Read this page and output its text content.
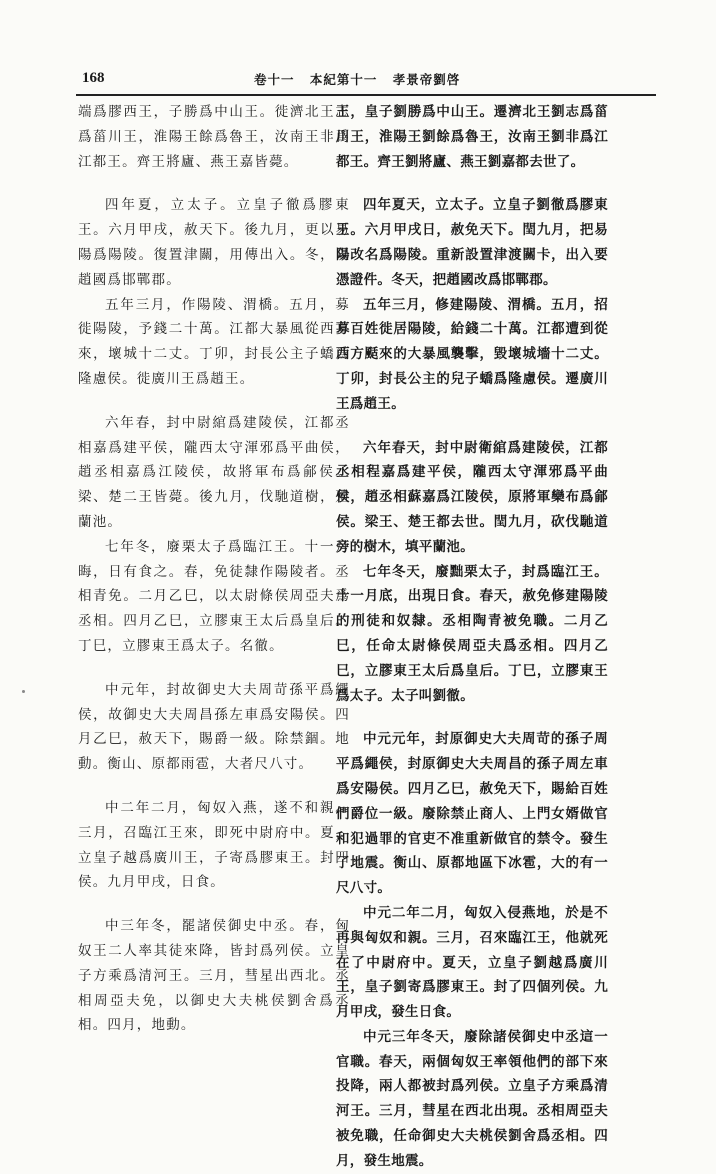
168	卷十一 本紀第十一 孝景帝劉啓

端爲膠西王，子勝爲中山王。徙濟北王志爲菑川王，淮陽王餘爲魯王，汝南王非爲江都王。齊王將廬、燕王嘉皆薨。

四年夏，立太子。立皇子徹爲膠東王。六月甲戌，赦天下。後九月，更以易陽爲陽陵。復置津關，用傳出入。冬，以趙國爲邯鄲郡。

五年三月，作陽陵、渭橋。五月，募徙陽陵，予錢二十萬。江都大暴風從西方來，壞城十二丈。丁卯，封長公主子蟜爲隆慮侯。徙廣川王爲趙王。

六年春，封中尉綰爲建陵侯，江都丞相嘉爲建平侯，隴西太守渾邪爲平曲侯，趙丞相嘉爲江陵侯，故將軍布爲鄃侯。梁、楚二王皆薨。後九月，伐馳道樹，殖蘭池。

七年冬，廢栗太子爲臨江王。十一月晦，日有食之。春，免徒隸作陽陵者。丞相青免。二月乙巳，以太尉條侯周亞夫爲丞相。四月乙巳，立膠東王太后爲皇后。丁巳，立膠東王爲太子。名徹。

中元年，封故御史大夫周苛孫平爲繩侯，故御史大夫周昌孫左車爲安陽侯。四月乙巳，赦天下，賜爵一級。除禁錮。地動。衡山、原都雨雹，大者尺八寸。

中二年二月，匈奴入燕，遂不和親。三月，召臨江王來，即死中尉府中。夏，立皇子越爲廣川王，子寄爲膠東王。封四侯。九月甲戌，日食。

中三年冬，罷諸侯御史中丞。春，匈奴王二人率其徒來降，皆封爲列侯。立皇子方乘爲清河王。三月，彗星出西北。丞相周亞夫免，以御史大夫桃侯劉舍爲丞相。四月，地動。

王，皇子劉勝爲中山王。遷濟北王劉志爲菑川王，淮陽王劉餘爲魯王，汝南王劉非爲江都王。齊王劉將廬、燕王劉嘉都去世了。

四年夏天，立太子。立皇子劉徹爲膠東王。六月甲戌日，赦免天下。閏九月，把易陽改名爲陽陵。重新設置津渡關卡，出入要憑證件。冬天，把趙國改爲邯鄲郡。

五年三月，修建陽陵、渭橋。五月，招募百姓徙居陽陵，給錢二十萬。江都遭到從西方颳來的大暴風襲擊，毀壞城墻十二丈。丁卯，封長公主的兒子蟜爲隆慮侯。遷廣川王爲趙王。

六年春天，封中尉衛綰爲建陵侯，江都丞相程嘉爲建平侯，隴西太守渾邪爲平曲侯，趙丞相蘇嘉爲江陵侯，原將軍欒布爲鄃侯。梁王、楚王都去世。閏九月，砍伐馳道旁的樹木，填平蘭池。

七年冬天，廢黜栗太子，封爲臨江王。十一月底，出現日食。春天，赦免修建陽陵的刑徒和奴隸。丞相陶青被免職。二月乙巳，任命太尉條侯周亞夫爲丞相。四月乙巳，立膠東王太后爲皇后。丁巳，立膠東王爲太子。太子叫劉徹。

中元元年，封原御史大夫周苛的孫子周平爲繩侯，封原御史大夫周昌的孫子周左車爲安陽侯。四月乙巳，赦免天下，賜給百姓們爵位一級。廢除禁止商人、上門女婿做官和犯過罪的官吏不准重新做官的禁令。發生了地震。衡山、原都地區下冰雹，大的有一尺八寸。

中元二年二月，匈奴入侵燕地，於是不再與匈奴和親。三月，召來臨江王，他就死在了中尉府中。夏天，立皇子劉越爲廣川王，皇子劉寄爲膠東王。封了四個列侯。九月甲戌，發生日食。

中元三年冬天，廢除諸侯御史中丞這一官職。春天，兩個匈奴王率領他們的部下來投降，兩人都被封爲列侯。立皇子方乘爲清河王。三月，彗星在西北出現。丞相周亞夫被免職，任命御史大夫桃侯劉舍爲丞相。四月，發生地震。
